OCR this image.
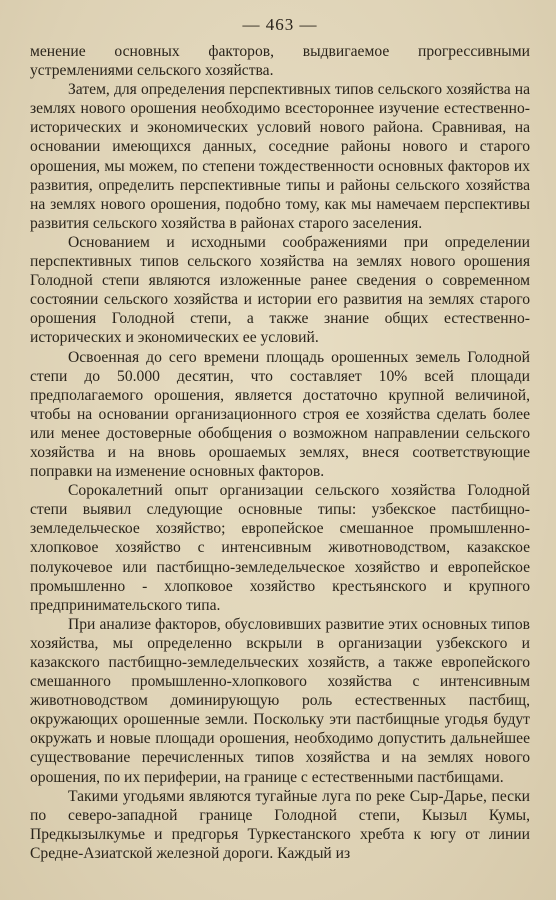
— 463 —

менение основных факторов, выдвигаемое прогрессивными устремлениями сельского хозяйства.

Затем, для определения перспективных типов сельского хозяйства на землях нового орошения необходимо всестороннее изучение естественно-исторических и экономических условий нового района. Сравнивая, на основании имеющихся данных, соседние районы нового и старого орошения, мы можем, по степени тождественности основных факторов их развития, определить перспективные типы и районы сельского хозяйства на землях нового орошения, подобно тому, как мы намечаем перспективы развития сельского хозяйства в районах старого заселения.

Основанием и исходными соображениями при определении перспективных типов сельского хозяйства на землях нового орошения Голодной степи являются изложенные ранее сведения о современном состоянии сельского хозяйства и истории его развития на землях старого орошения Голодной степи, а также знание общих естественно-исторических и экономических ее условий.

Освоенная до сего времени площадь орошенных земель Голодной степи до 50.000 десятин, что составляет 10% всей площади предполагаемого орошения, является достаточно крупной величиной, чтобы на основании организационного строя ее хозяйства сделать более или менее достоверные обобщения о возможном направлении сельского хозяйства и на вновь орошаемых землях, внеся соответствующие поправки на изменение основных факторов.

Сорокалетний опыт организации сельского хозяйства Голодной степи выявил следующие основные типы: узбекское пастбищно-земледельческое хозяйство; европейское смешанное промышленно-хлопковое хозяйство с интенсивным животноводством, казакское полукочевое или пастбищно-земледельческое хозяйство и европейское промышленно - хлопковое хозяйство крестьянского и крупного предпринимательского типа.

При анализе факторов, обусловивших развитие этих основных типов хозяйства, мы определенно вскрыли в организации узбекского и казакского пастбищно-земледельческих хозяйств, а также европейского смешанного промышленно-хлопкового хозяйства с интенсивным животноводством доминирующую роль естественных пастбищ, окружающих орошенные земли. Поскольку эти пастбищные угодья будут окружать и новые площади орошения, необходимо допустить дальнейшее существование перечисленных типов хозяйства и на землях нового орошения, по их периферии, на границе с естественными пастбищами.

Такими угодьями являются тугайные луга по реке Сыр-Дарье, пески по северо-западной границе Голодной степи, Кызыл Кумы, Предкызылкумье и предгорья Туркестанского хребта к югу от линии Средне-Азиатской железной дороги. Каждый из
